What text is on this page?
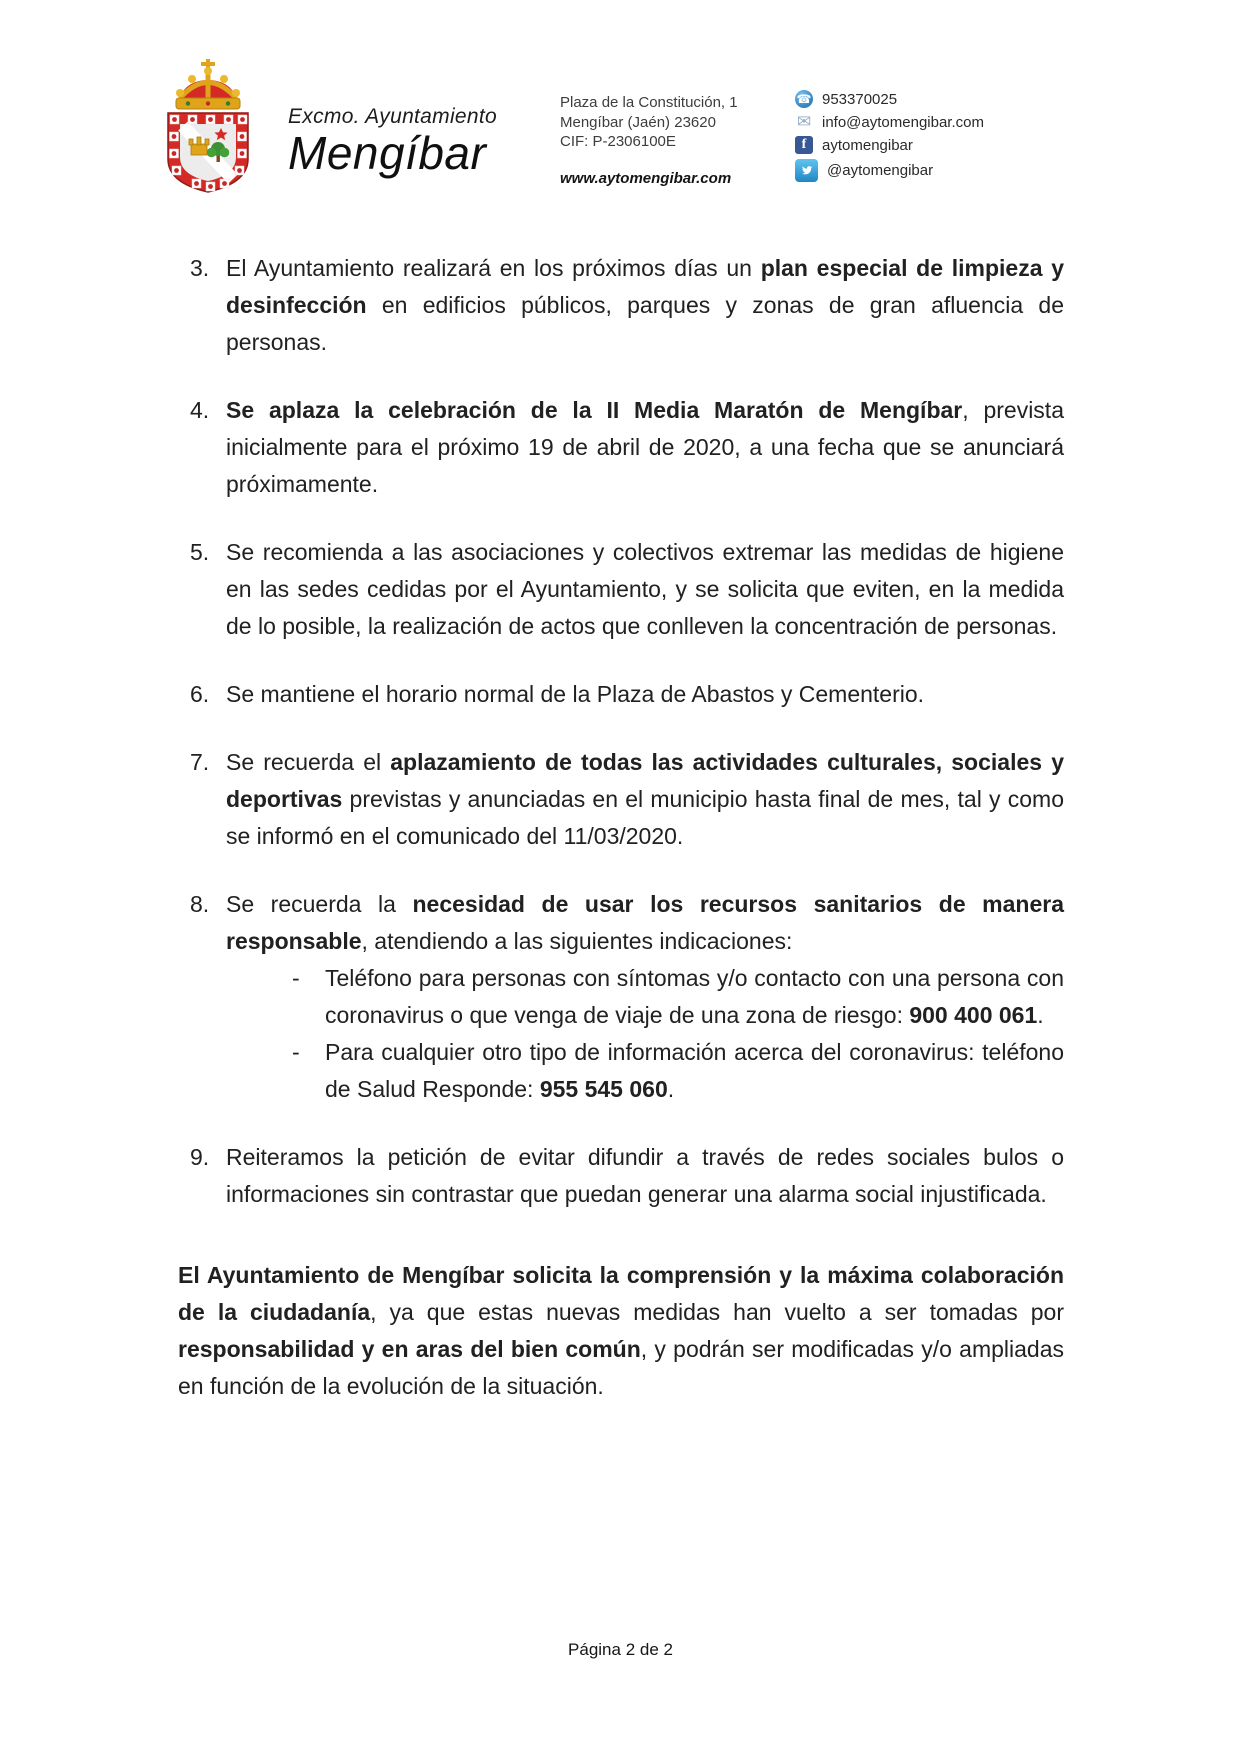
Excmo. Ayuntamiento
Mengíbar
Plaza de la Constitución, 1
Mengíbar (Jaén) 23620
CIF: P-2306100E
www.aytomengibar.com
☎ 953370025
✉ info@aytomengibar.com
f	aytomengibar
@aytomengibar
3. El Ayuntamiento realizará en los próximos días un plan especial de limpieza y desinfección en edificios públicos, parques y zonas de gran afluencia de personas.
4. Se aplaza la celebración de la II Media Maratón de Mengíbar, prevista inicialmente para el próximo 19 de abril de 2020, a una fecha que se anunciará próximamente.
5. Se recomienda a las asociaciones y colectivos extremar las medidas de higiene en las sedes cedidas por el Ayuntamiento, y se solicita que eviten, en la medida de lo posible, la realización de actos que conlleven la concentración de personas.
6. Se mantiene el horario normal de la Plaza de Abastos y Cementerio.
7. Se recuerda el aplazamiento de todas las actividades culturales, sociales y deportivas previstas y anunciadas en el municipio hasta final de mes, tal y como se informó en el comunicado del 11/03/2020.
8. Se recuerda la necesidad de usar los recursos sanitarios de manera responsable, atendiendo a las siguientes indicaciones:
-	Teléfono para personas con síntomas y/o contacto con una persona con coronavirus o que venga de viaje de una zona de riesgo: 900 400 061.
-	Para cualquier otro tipo de información acerca del coronavirus: teléfono de Salud Responde: 955 545 060.
9. Reiteramos la petición de evitar difundir a través de redes sociales bulos o informaciones sin contrastar que puedan generar una alarma social injustificada.

El Ayuntamiento de Mengíbar solicita la comprensión y la máxima colaboración de la ciudadanía, ya que estas nuevas medidas han vuelto a ser tomadas por responsabilidad y en aras del bien común, y podrán ser modificadas y/o ampliadas en función de la evolución de la situación.

Página 2 de 2
